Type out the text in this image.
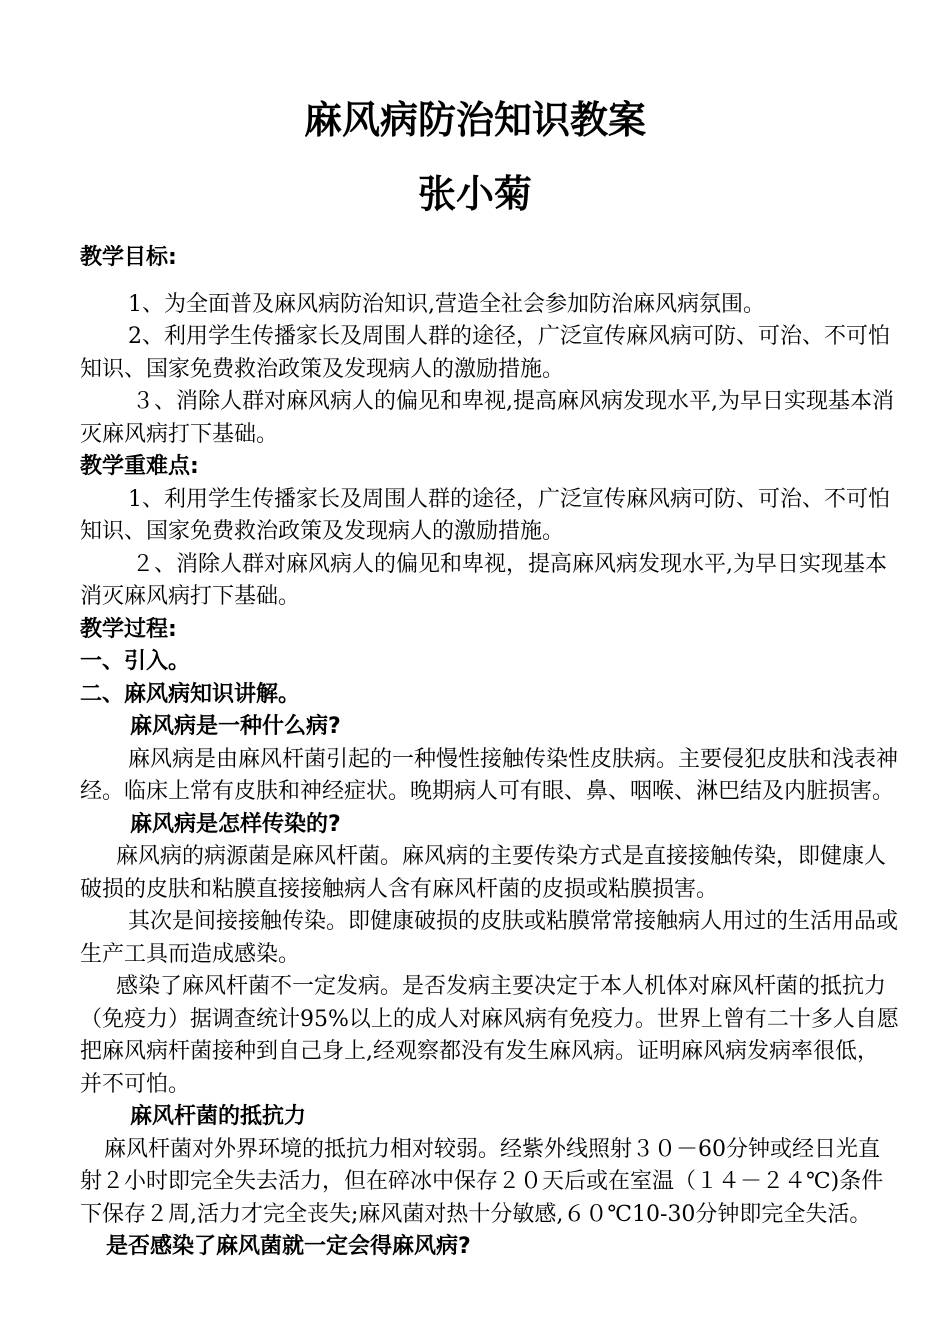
麻风病防治知识教案
张小菊

教学目标:

1、为全面普及麻风病防治知识,营造全社会参加防治麻风病氛围。

2、利用学生传播家长及周围人群的途径，广泛宣传麻风病可防、可治、不可怕知识、国家免费救治政策及发现病人的激励措施。

３、消除人群对麻风病人的偏见和卑视,提高麻风病发现水平,为早日实现基本消灭麻风病打下基础。

教学重难点:

1、利用学生传播家长及周围人群的途径，广泛宣传麻风病可防、可治、不可怕知识、国家免费救治政策及发现病人的激励措施。

２、消除人群对麻风病人的偏见和卑视，提高麻风病发现水平,为早日实现基本消灭麻风病打下基础。

教学过程:

一、引入。

二、麻风病知识讲解。

麻风病是一种什么病?

麻风病是由麻风杆菌引起的一种慢性接触传染性皮肤病。主要侵犯皮肤和浅表神经。临床上常有皮肤和神经症状。晚期病人可有眼、鼻、咽喉、淋巴结及内脏损害。

麻风病是怎样传染的?

麻风病的病源菌是麻风杆菌。麻风病的主要传染方式是直接接触传染，即健康人破损的皮肤和粘膜直接接触病人含有麻风杆菌的皮损或粘膜损害。

其次是间接接触传染。即健康破损的皮肤或粘膜常常接触病人用过的生活用品或生产工具而造成感染。

感染了麻风杆菌不一定发病。是否发病主要决定于本人机体对麻风杆菌的抵抗力（免疫力）据调查统计95%以上的成人对麻风病有免疫力。世界上曾有二十多人自愿把麻风病杆菌接种到自己身上,经观察都没有发生麻风病。证明麻风病发病率很低，并不可怕。

麻风杆菌的抵抗力

麻风杆菌对外界环境的抵抗力相对较弱。经紫外线照射３０－60分钟或经日光直射２小时即完全失去活力，但在碎冰中保存２０天后或在室温（１４－２４℃)条件下保存２周,活力才完全丧失;麻风菌对热十分敏感,６０℃10-30分钟即完全失活。

是否感染了麻风菌就一定会得麻风病?
